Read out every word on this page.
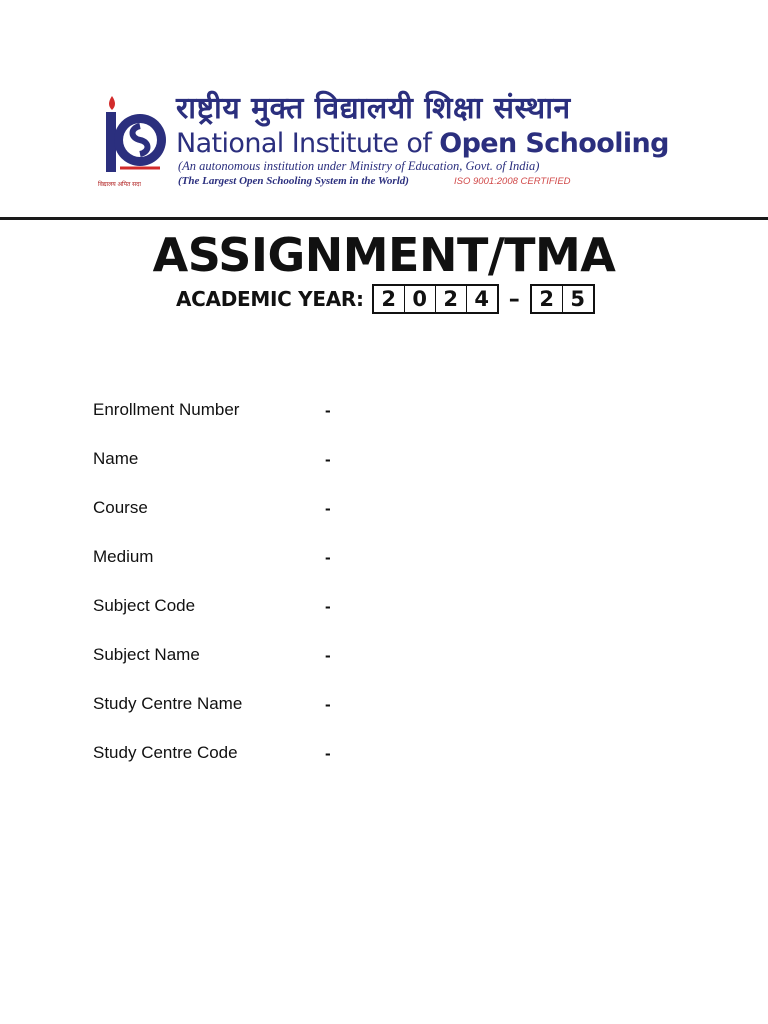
विद्यालय अपित सदा
राष्ट्रीय मुक्त विद्यालयी शिक्षा संस्थान
National Institute of Open Schooling
(An autonomous institution under Ministry of Education, Govt. of India)
(The Largest Open Schooling System in the World)	ISO 9001:2008 CERTIFIED
ASSIGNMENT/TMA
ACADEMIC YEAR: 2 0 2 4 – 2 5
Enrollment Number	-
Name	-
Course	-
Medium	-
Subject Code	-
Subject Name	-
Study Centre Name	-
Study Centre Code	-
